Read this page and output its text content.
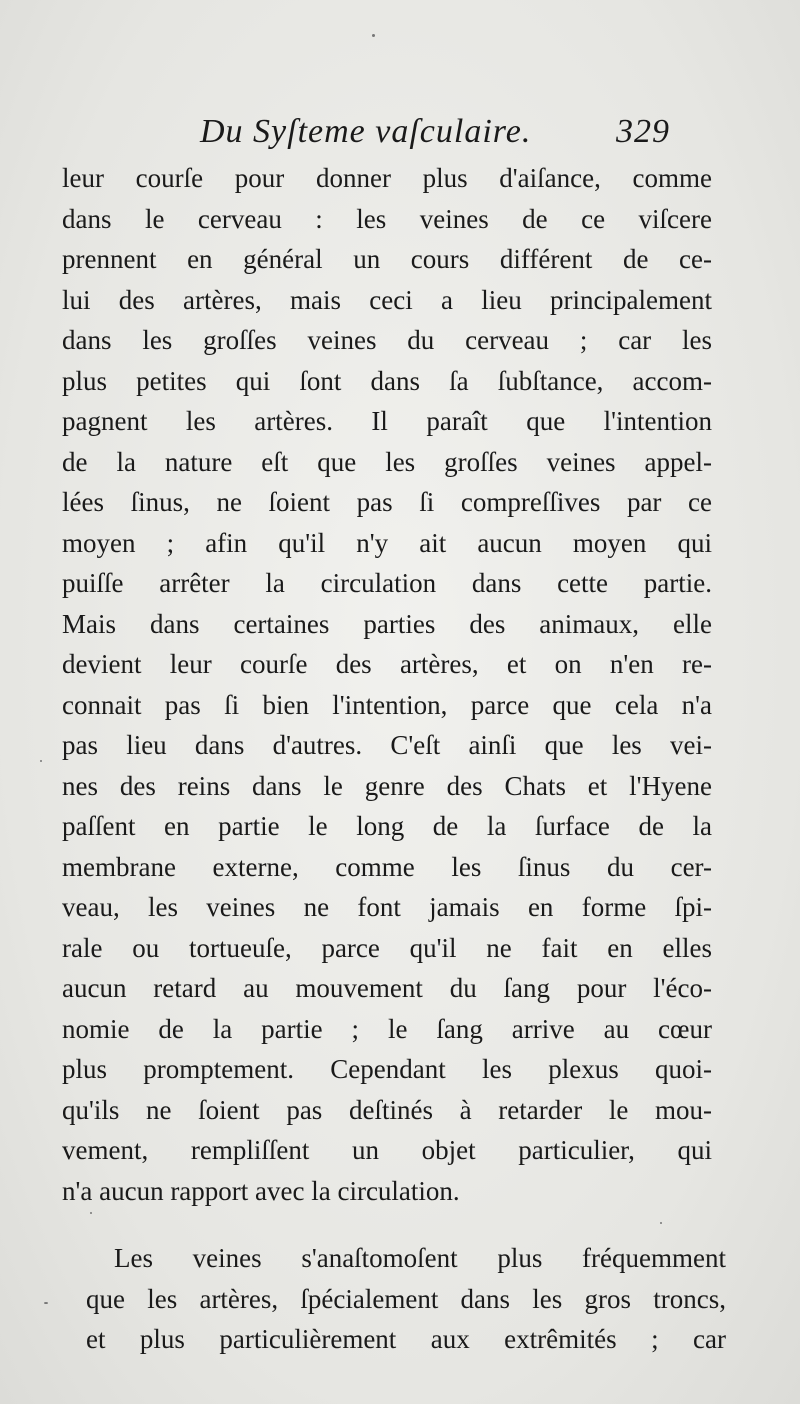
Du Syſteme vaſculaire. 329
leur courſe pour donner plus d'aiſance, comme
dans le cerveau : les veines de ce viſcere
prennent en général un cours différent de ce-
lui des artères, mais ceci a lieu principalement
dans les groſſes veines du cerveau ; car les
plus petites qui ſont dans ſa ſubſtance, accom-
pagnent les artères. Il paraît que l'intention
de la nature eſt que les groſſes veines appel-
lées ſinus, ne ſoient pas ſi compreſſives par ce
moyen ; afin qu'il n'y ait aucun moyen qui
puiſſe arrêter la circulation dans cette partie.
Mais dans certaines parties des animaux, elle
devient leur courſe des artères, et on n'en re-
connait pas ſi bien l'intention, parce que cela n'a
pas lieu dans d'autres. C'eſt ainſi que les vei-
nes des reins dans le genre des Chats et l'Hyene
paſſent en partie le long de la ſurface de la
membrane externe, comme les ſinus du cer-
veau, les veines ne font jamais en forme ſpi-
rale ou tortueuſe, parce qu'il ne fait en elles
aucun retard au mouvement du ſang pour l'éco-
nomie de la partie ; le ſang arrive au cœur
plus promptement. Cependant les plexus quoi-
qu'ils ne ſoient pas deſtinés à retarder le mou-
vement, rempliſſent un objet particulier, qui
n'a aucun rapport avec la circulation.
Les veines s'anaſtomoſent plus fréquemment
que les artères, ſpécialement dans les gros troncs,
et plus particulièrement aux extrêmités ; car
